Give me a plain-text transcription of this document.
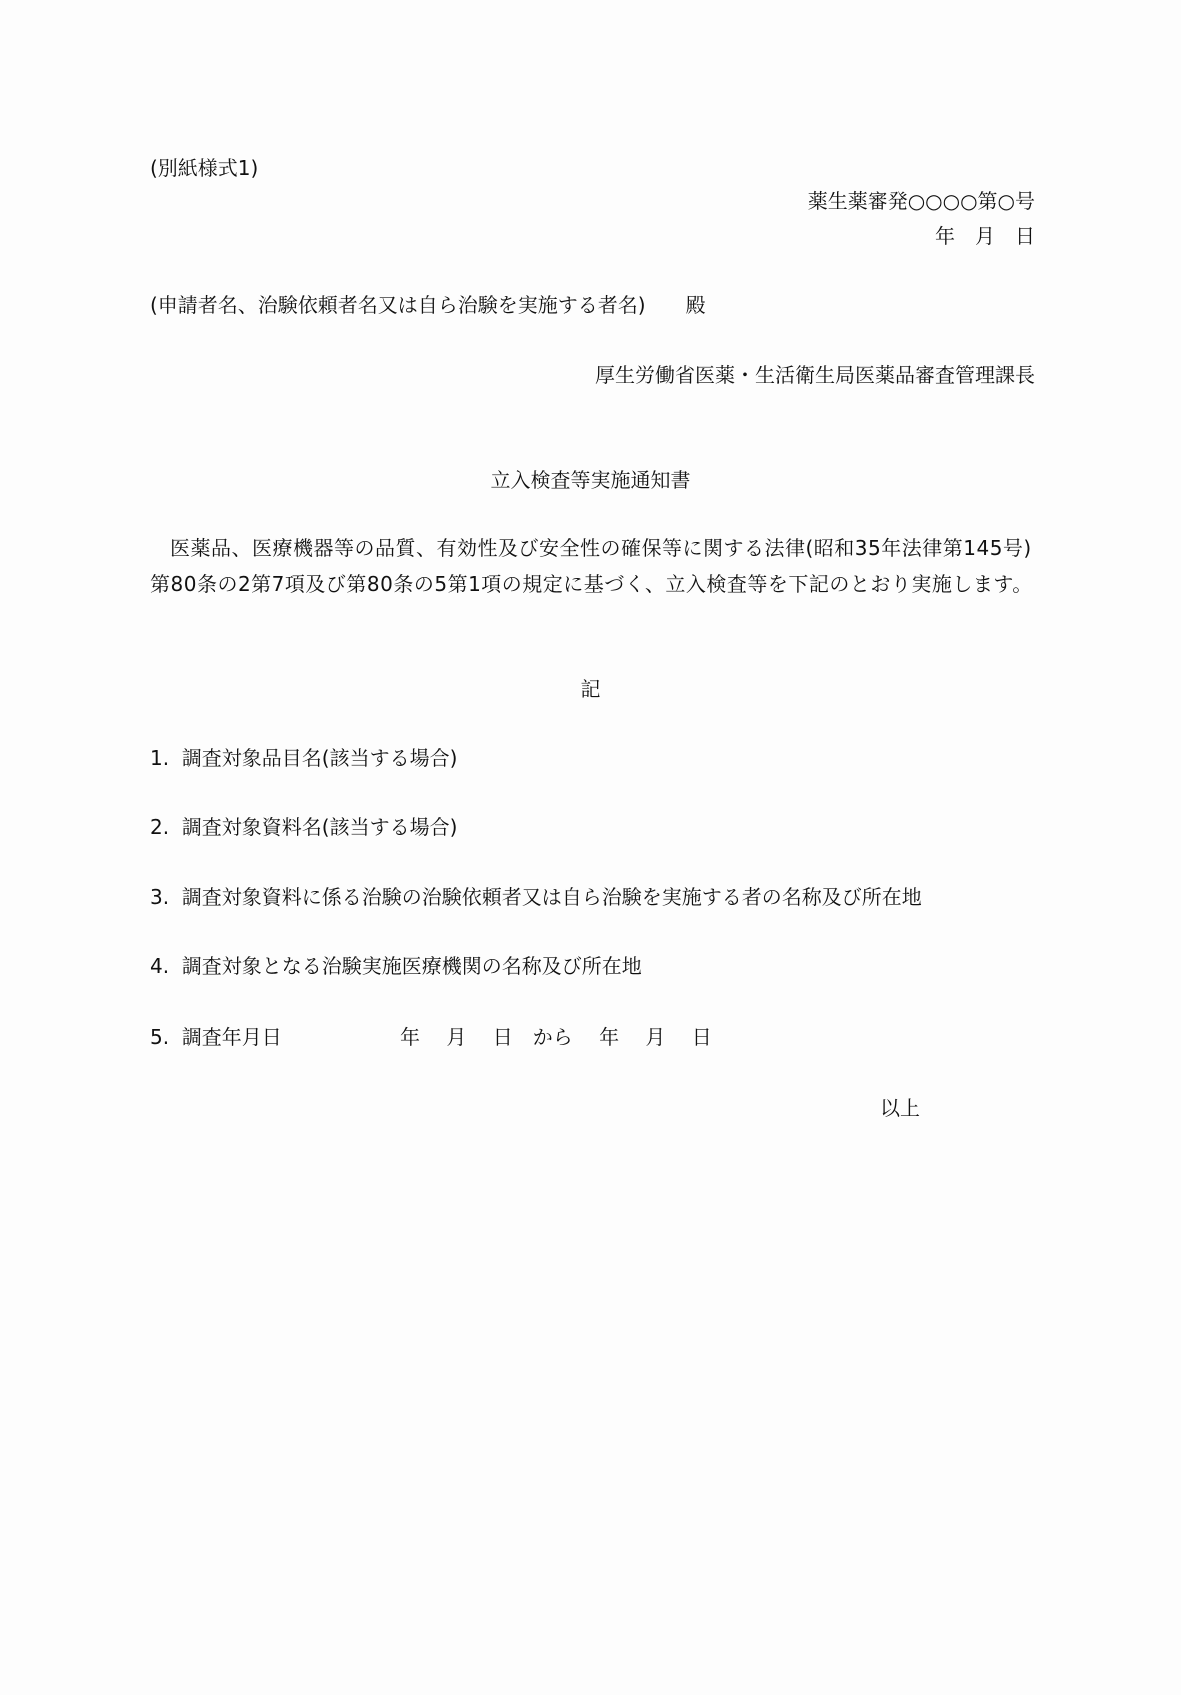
(別紙様式1)
薬生薬審発○○○○第○号
年　月　日
(申請者名、治験依頼者名又は自ら治験を実施する者名)　　殿
厚生労働省医薬・生活衛生局医薬品審査管理課長
立入検査等実施通知書
医薬品、医療機器等の品質、有効性及び安全性の確保等に関する法律(昭和35年法律第145号)第80条の2第7項及び第80条の5第1項の規定に基づく、立入検査等を下記のとおり実施します。
記
1. 調査対象品目名(該当する場合)
2. 調査対象資料名(該当する場合)
3. 調査対象資料に係る治験の治験依頼者又は自ら治験を実施する者の名称及び所在地
4. 調査対象となる治験実施医療機関の名称及び所在地
5. 調査年月日	年　 月　 日　から　 年　 月　 日
以上
